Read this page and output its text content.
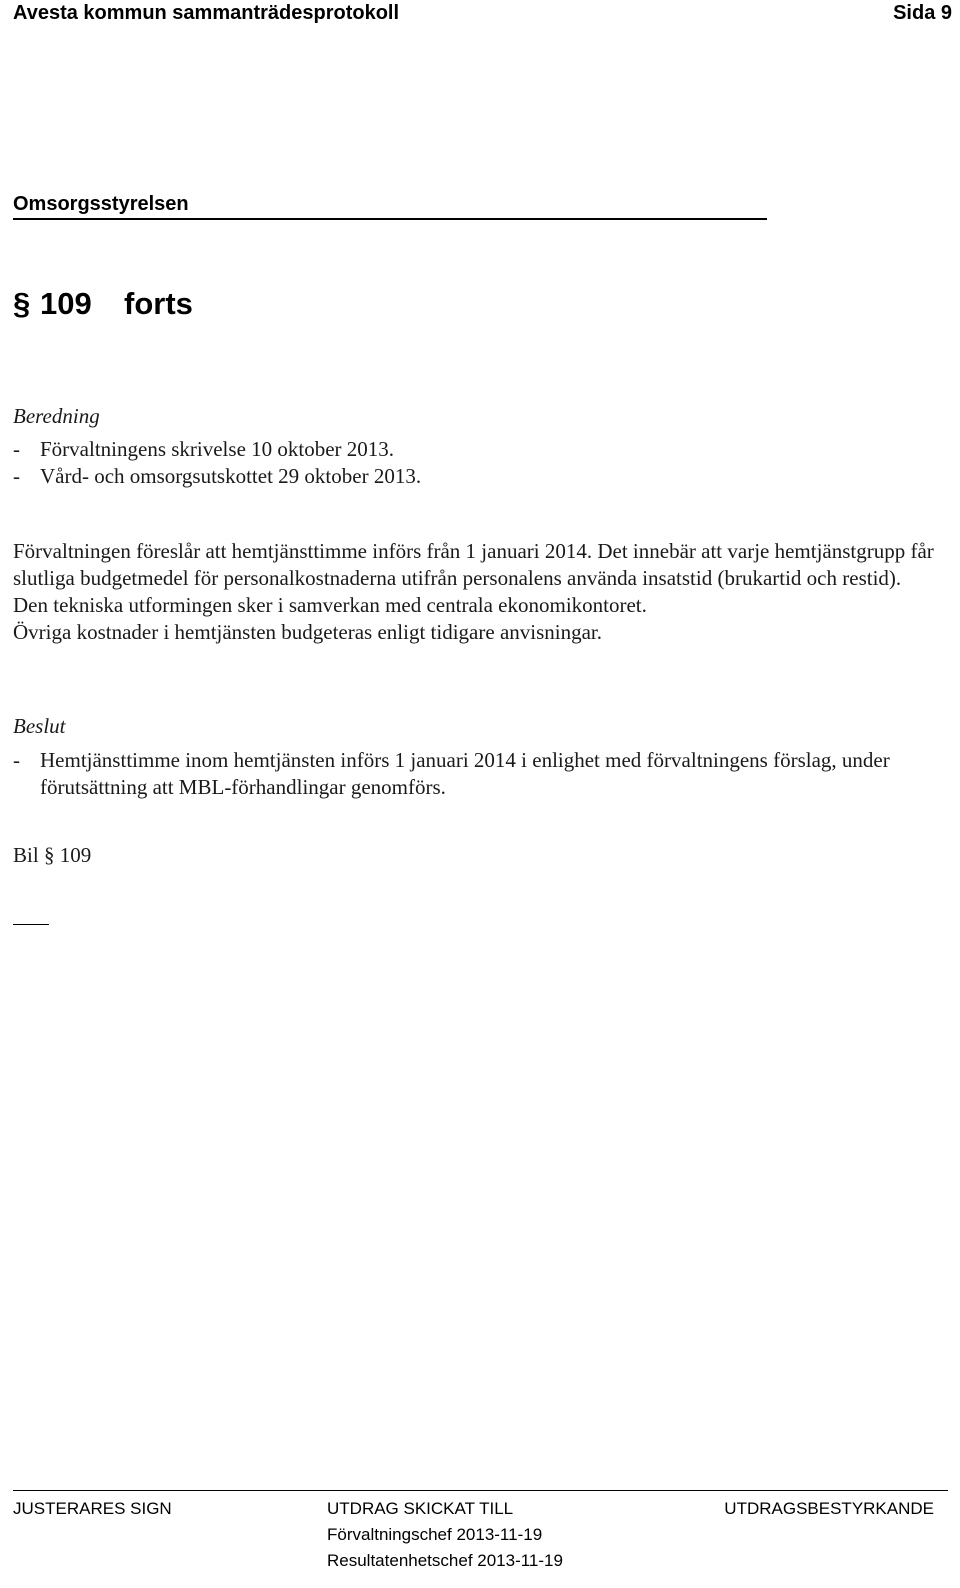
Avesta kommun sammanträdesprotokoll	Sida 9
Omsorgsstyrelsen
§ 109 forts
Beredning
- Förvaltningens skrivelse 10 oktober 2013.
- Vård- och omsorgsutskottet 29 oktober 2013.
Förvaltningen föreslår att hemtjänsttimme införs från 1 januari 2014. Det innebär att varje hemtjänstgrupp får slutliga budgetmedel för personalkostnaderna utifrån personalens använda insatstid (brukartid och restid).
Den tekniska utformingen sker i samverkan med centrala ekonomikontoret.
Övriga kostnader i hemtjänsten budgeteras enligt tidigare anvisningar.
Beslut
- Hemtjänsttimme inom hemtjänsten införs 1 januari 2014 i enlighet med förvaltningens förslag, under förutsättning att MBL-förhandlingar genomförs.
Bil § 109
JUSTERARES SIGN	UTDRAG SKICKAT TILL
Förvaltningschef 2013-11-19
Resultatenhetschef 2013-11-19
UTDRAGSBESTYRKANDE
